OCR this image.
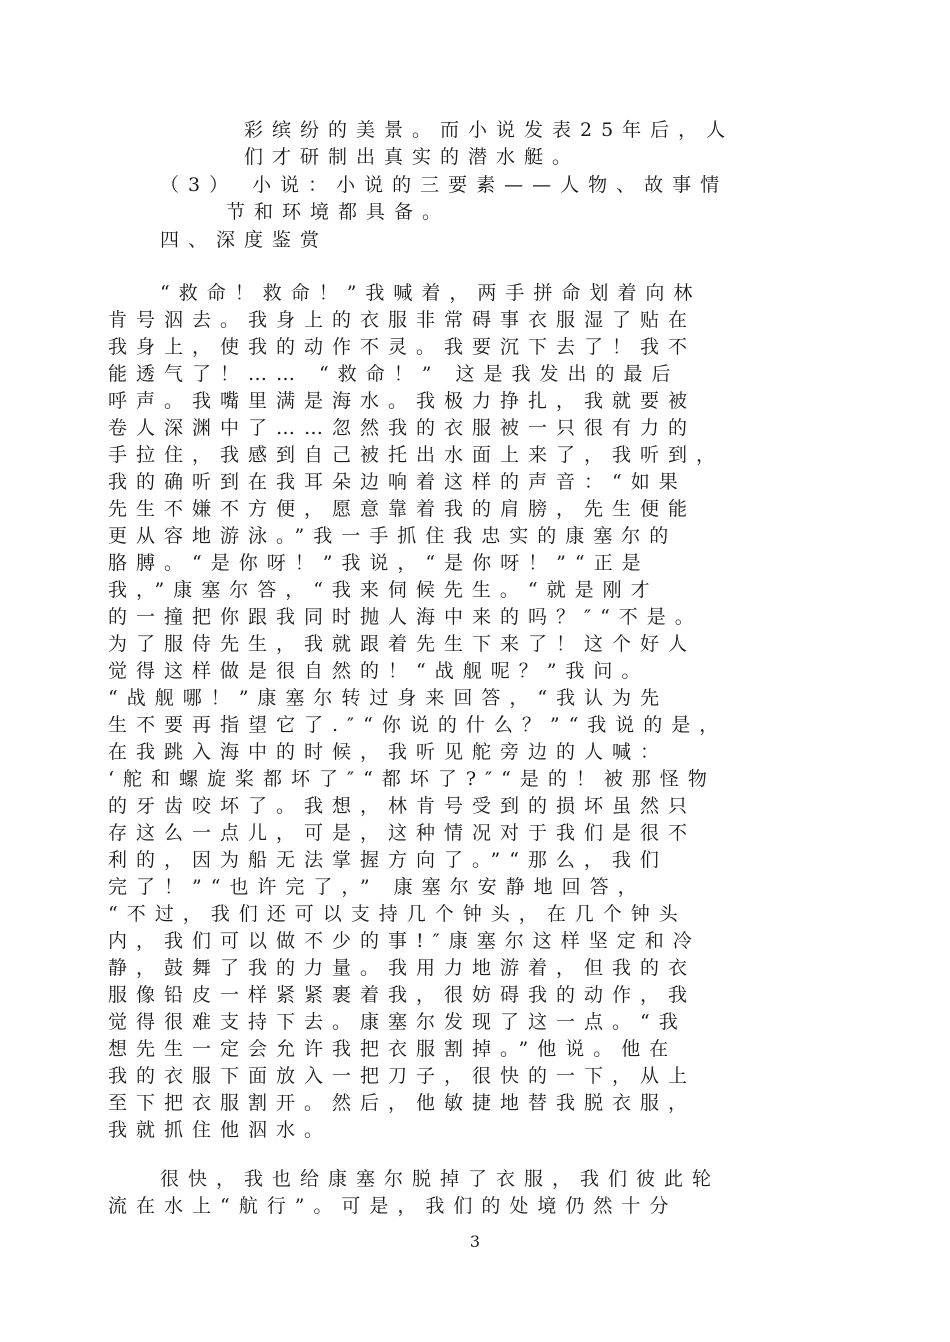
彩缤纷的美景。而小说发表25年后，人
们才研制出真实的潜水艇。
（3） 小说：小说的三要素——人物、故事情
节和环境都具备。
四、深度鉴赏
“救命！救命！”我喊着，两手拼命划着向林
肯号泅去。我身上的衣服非常碍事衣服湿了贴在
我身上，使我的动作不灵。我要沉下去了！我不
能透气了！…… “救命！” 这是我发出的最后
呼声。我嘴里满是海水。我极力挣扎，我就要被
卷人深渊中了……忽然我的衣服被一只很有力的
手拉住，我感到自己被托出水面上来了，我听到，
我的确听到在我耳朵边响着这样的声音：“如果
先生不嫌不方便，愿意靠着我的肩膀，先生便能
更从容地游泳。”我一手抓住我忠实的康塞尔的
胳膊。“是你呀！”我说，“是你呀！”“正是
我，”康塞尔答，“我来伺候先生。“就是刚才
的一撞把你跟我同时抛人海中来的吗？″“不是。
为了服侍先生，我就跟着先生下来了！这个好人
觉得这样做是很自然的！“战舰呢？”我问。
“战舰哪！”康塞尔转过身来回答，“我认为先
生不要再指望它了.″“你说的什么？”“我说的是，
在我跳入海中的时候，我听见舵旁边的人喊：
‘舵和螺旋桨都坏了″“都坏了?″“是的！被那怪物
的牙齿咬坏了。我想，林肯号受到的损坏虽然只
存这么一点儿，可是，这种情况对于我们是很不
利的，因为船无法掌握方向了。”“那么，我们
完了！”“也许完了，” 康塞尔安静地回答，
“不过，我们还可以支持几个钟头，在几个钟头
内，我们可以做不少的事!″康塞尔这样坚定和冷
静，鼓舞了我的力量。我用力地游着，但我的衣
服像铅皮一样紧紧裹着我，很妨碍我的动作，我
觉得很难支持下去。康塞尔发现了这一点。“我
想先生一定会允许我把衣服割掉。”他说。他在
我的衣服下面放入一把刀子，很快的一下，从上
至下把衣服割开。然后，他敏捷地替我脱衣服，
我就抓住他泅水。
很快，我也给康塞尔脱掉了衣服，我们彼此轮
流在水上“航行”。可是，我们的处境仍然十分
3
